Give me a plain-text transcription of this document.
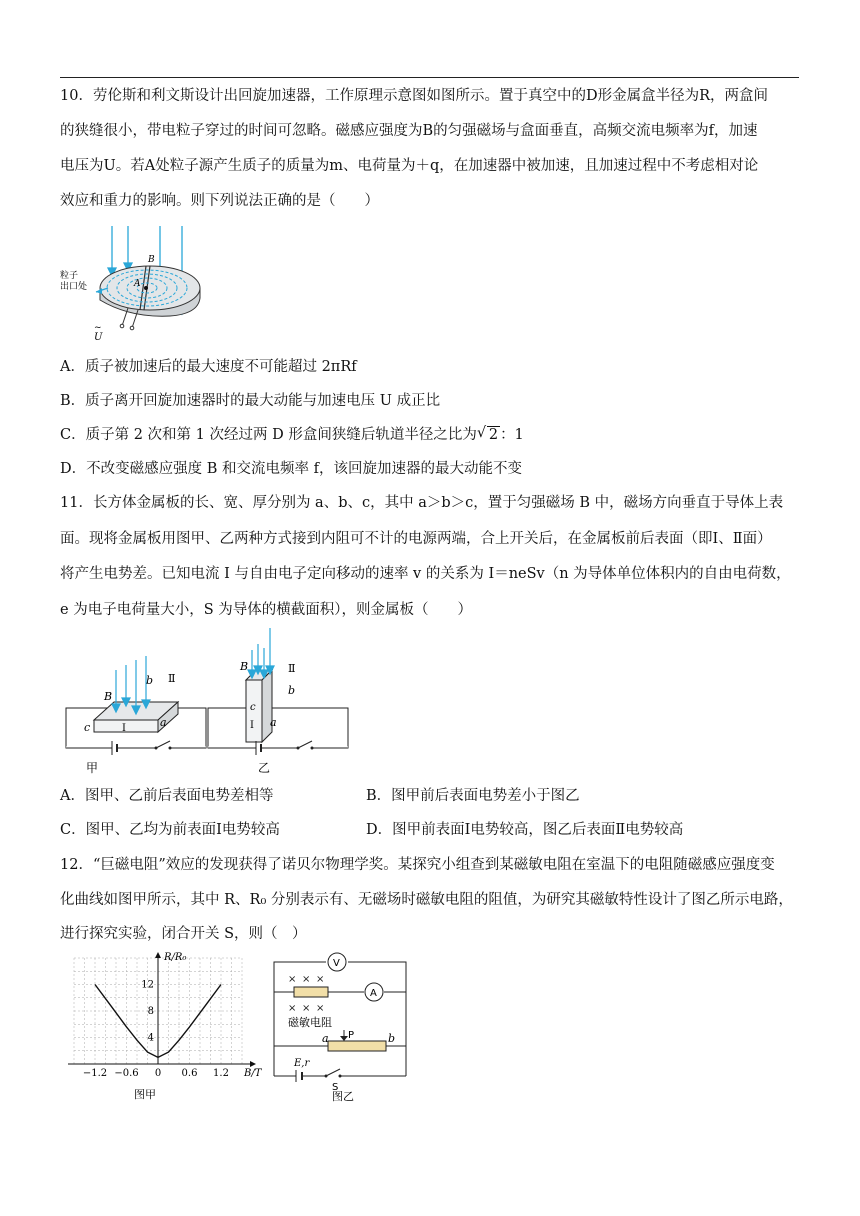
10．劳伦斯和利文斯设计出回旋加速器，工作原理示意图如图所示。置于真空中的D形金属盒半径为R，两盒间
的狭缝很小，带电粒子穿过的时间可忽略。磁感应强度为B的匀强磁场与盒面垂直，高频交流电频率为f，加速
电压为U。若A处粒子源产生质子的质量为m、电荷量为＋q，在加速器中被加速，且加速过程中不考虑相对论
效应和重力的影响。则下列说法正确的是（　　）
粒子
出口处	A
B
U
~
A．质子被加速后的最大速度不可能超过 2πRf
B．质子离开回旋加速器时的最大动能与加速电压 U 成正比
C．质子第 2 次和第 1 次经过两 D 形盒间狭缝后轨道半径之比为 √ 2 ：1
D．不改变磁感应强度 B 和交流电频率 f，该回旋加速器的最大动能不变
11．长方体金属板的长、宽、厚分别为 a、b、c，其中 a＞b＞c，置于匀强磁场 B 中，磁场方向垂直于导体上表
面。现将金属板用图甲、乙两种方式接到内阻可不计的电源两端，合上开关后，在金属板前后表面（即Ⅰ、Ⅱ面）
将产生电势差。已知电流 I 与自由电子定向移动的速率 v 的关系为 I＝neSv（n 为导体单位体积内的自由电荷数，
e 为电子电荷量大小，S 为导体的横截面积），则金属板（　　）
B
b Ⅱ
Ⅰ
c	a
甲
B	Ⅱ
c
b
Ⅰ a
乙
A．图甲、乙前后表面电势差相等	B．图甲前后表面电势差小于图乙
C．图甲、乙均为前表面Ⅰ电势较高	D．图甲前表面Ⅰ电势较高，图乙后表面Ⅱ电势较高
12．“巨磁电阻”效应的发现获得了诺贝尔物理学奖。某探究小组查到某磁敏电阻在室温下的电阻随磁感应强度变
化曲线如图甲所示，其中 R、R₀ 分别表示有、无磁场时磁敏电阻的阻值，为研究其磁敏特性设计了图乙所示电路，
进行探究实验，闭合开关 S，则（　）
−1.2 −0.6 0 0.6 1.2
4
8
12
R/R₀
B/T
图甲
× × ×
× × ×
V
A
磁敏电阻
P
a	b
E,r
S
图乙
